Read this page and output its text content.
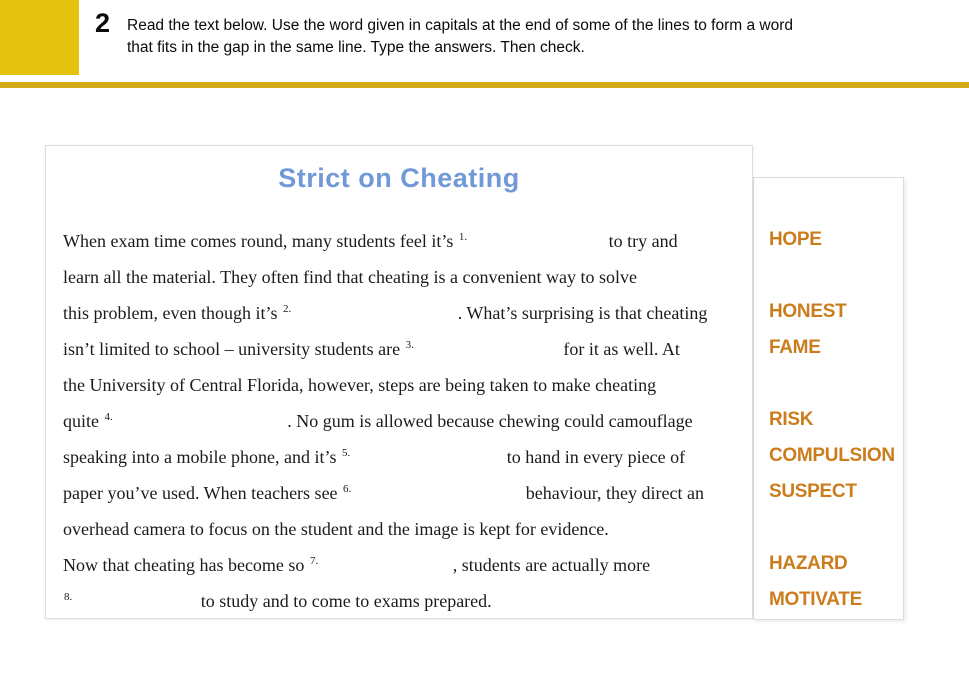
2 Read the text below. Use the word given in capitals at the end of some of the lines to form a word
that fits in the gap in the same line. Type the answers. Then check.
HOPE
HONEST
FAME
RISK
COMPULSION
SUSPECT
HAZARD
MOTIVATE
Strict on Cheating
When exam time comes round, many students feel it’s $^{1.}$	to try and
learn all the material. They often find that cheating is a convenient way to solve
this problem, even though it’s $^{2.}$	. What’s surprising is that cheating
isn’t limited to school – university students are $^{3.}$	for it as well. At
the University of Central Florida, however, steps are being taken to make cheating
quite $^{4.}$	. No gum is allowed because chewing could camouflage
speaking into a mobile phone, and it’s $^{5.}$	to hand in every piece of
paper you’ve used. When teachers see $^{6.}$	behaviour, they direct an
overhead camera to focus on the student and the image is kept for evidence.
Now that cheating has become so $^{7.}$	, students are actually more
$^{8.}$	to study and to come to exams prepared.
